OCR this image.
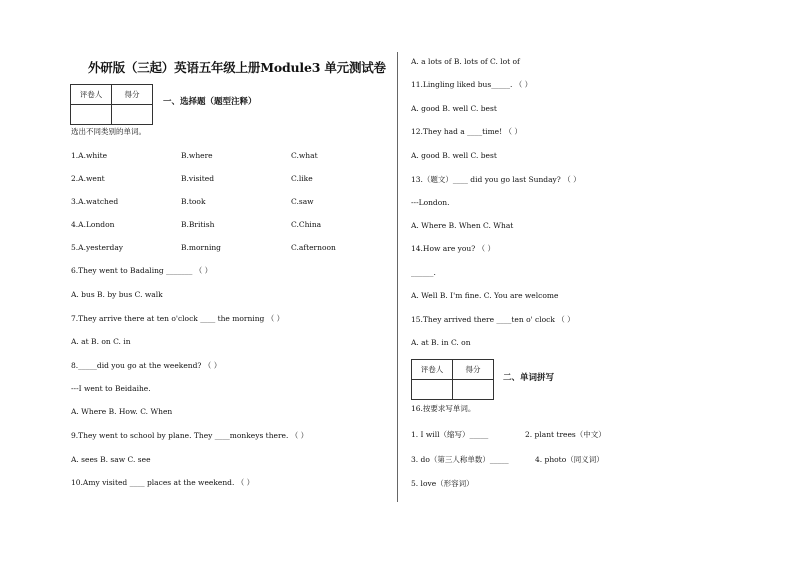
外研版（三起）英语五年级上册Module3 单元测试卷
评卷人	得分

一、选择题（题型注释）
选出不同类别的单词。
1.A.white	B.where	C.what
2.A.went	B.visited	C.like
3.A.watched	B.took	C.saw
4.A.London	B.British	C.China
5.A.yesterday	B.morning	C.afternoon
6.They went to Badaling _______ （ ）
A. bus B. by bus C. walk
7.They arrive there at ten o'clock ____ the morning （ ）
A. at B. on C. in
8._____did you go at the weekend? （ ）
---I went to Beidaihe.
A. Where B. How. C. When
9.They went to school by plane. They ____monkeys there. （ ）
A. sees B. saw C. see
10.Amy visited ____ places at the weekend. （ ）
A. a lots of B. lots of C. lot of
11.Lingling liked bus_____. （ ）
A. good B. well C. best
12.They had a ____time! （ ）
A. good B. well C. best
13.（题文）____ did you go last Sunday? （ ）
---London.
A. Where B. When C. What
14.How are you? （ ）
______.
A. Well B. I'm fine. C. You are welcome
15.They arrived there ____ten o' clock （ ）
A. at B. in C. on
评卷人	得分

二、单词拼写
16.按要求写单词。
1. I will（缩写）_____	2. plant trees（中文）
3. do（第三人称单数）_____	4. photo（同义词）
5. love（形容词）
